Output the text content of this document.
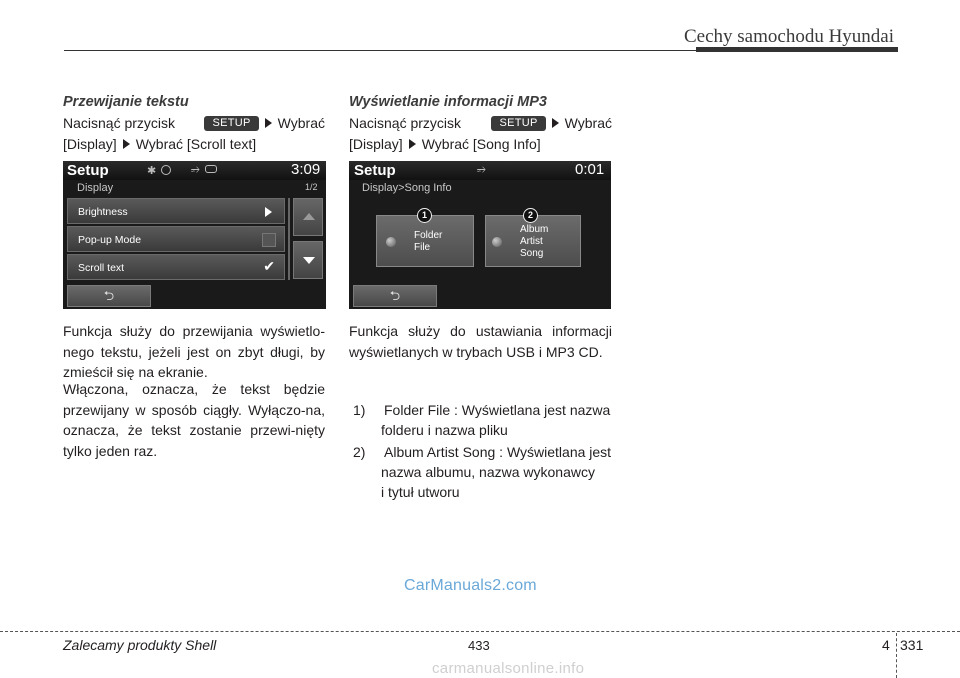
Cechy samochodu Hyundai
Przewijanie tekstu
Nacisnąć przycisk	SETUP	Wybrać
[Display] Wybrać [Scroll text]
Setup	✱	⭌	3:09
Display	1/2
Brightness
Pop-up Mode
Scroll text	✔
⮌
Funkcja służy do przewijania wyświetlo-nego tekstu, jeżeli jest on zbyt długi, by zmieścił się na ekranie.
Włączona, oznacza, że tekst będzie przewijany w sposób ciągły. Wyłączo-na, oznacza, że tekst zostanie przewi-nięty tylko jeden raz.
Wyświetlanie informacji MP3
Nacisnąć przycisk	SETUP	Wybrać
[Display] Wybrać [Song Info]
Setup	⭌	0:01
Display>Song Info
Folder
File
1
Album
Artist
Song
2
⮌
Funkcja służy do ustawiania informacji wyświetlanych w trybach USB i MP3 CD.
1) Folder File : Wyświetlana jest nazwa
folderu i nazwa pliku
2) Album Artist Song : Wyświetlana jest
nazwa albumu, nazwa wykonawcy
i tytuł utworu
CarManuals2.com
Zalecamy produkty Shell	433	4 331
carmanualsonline.info
